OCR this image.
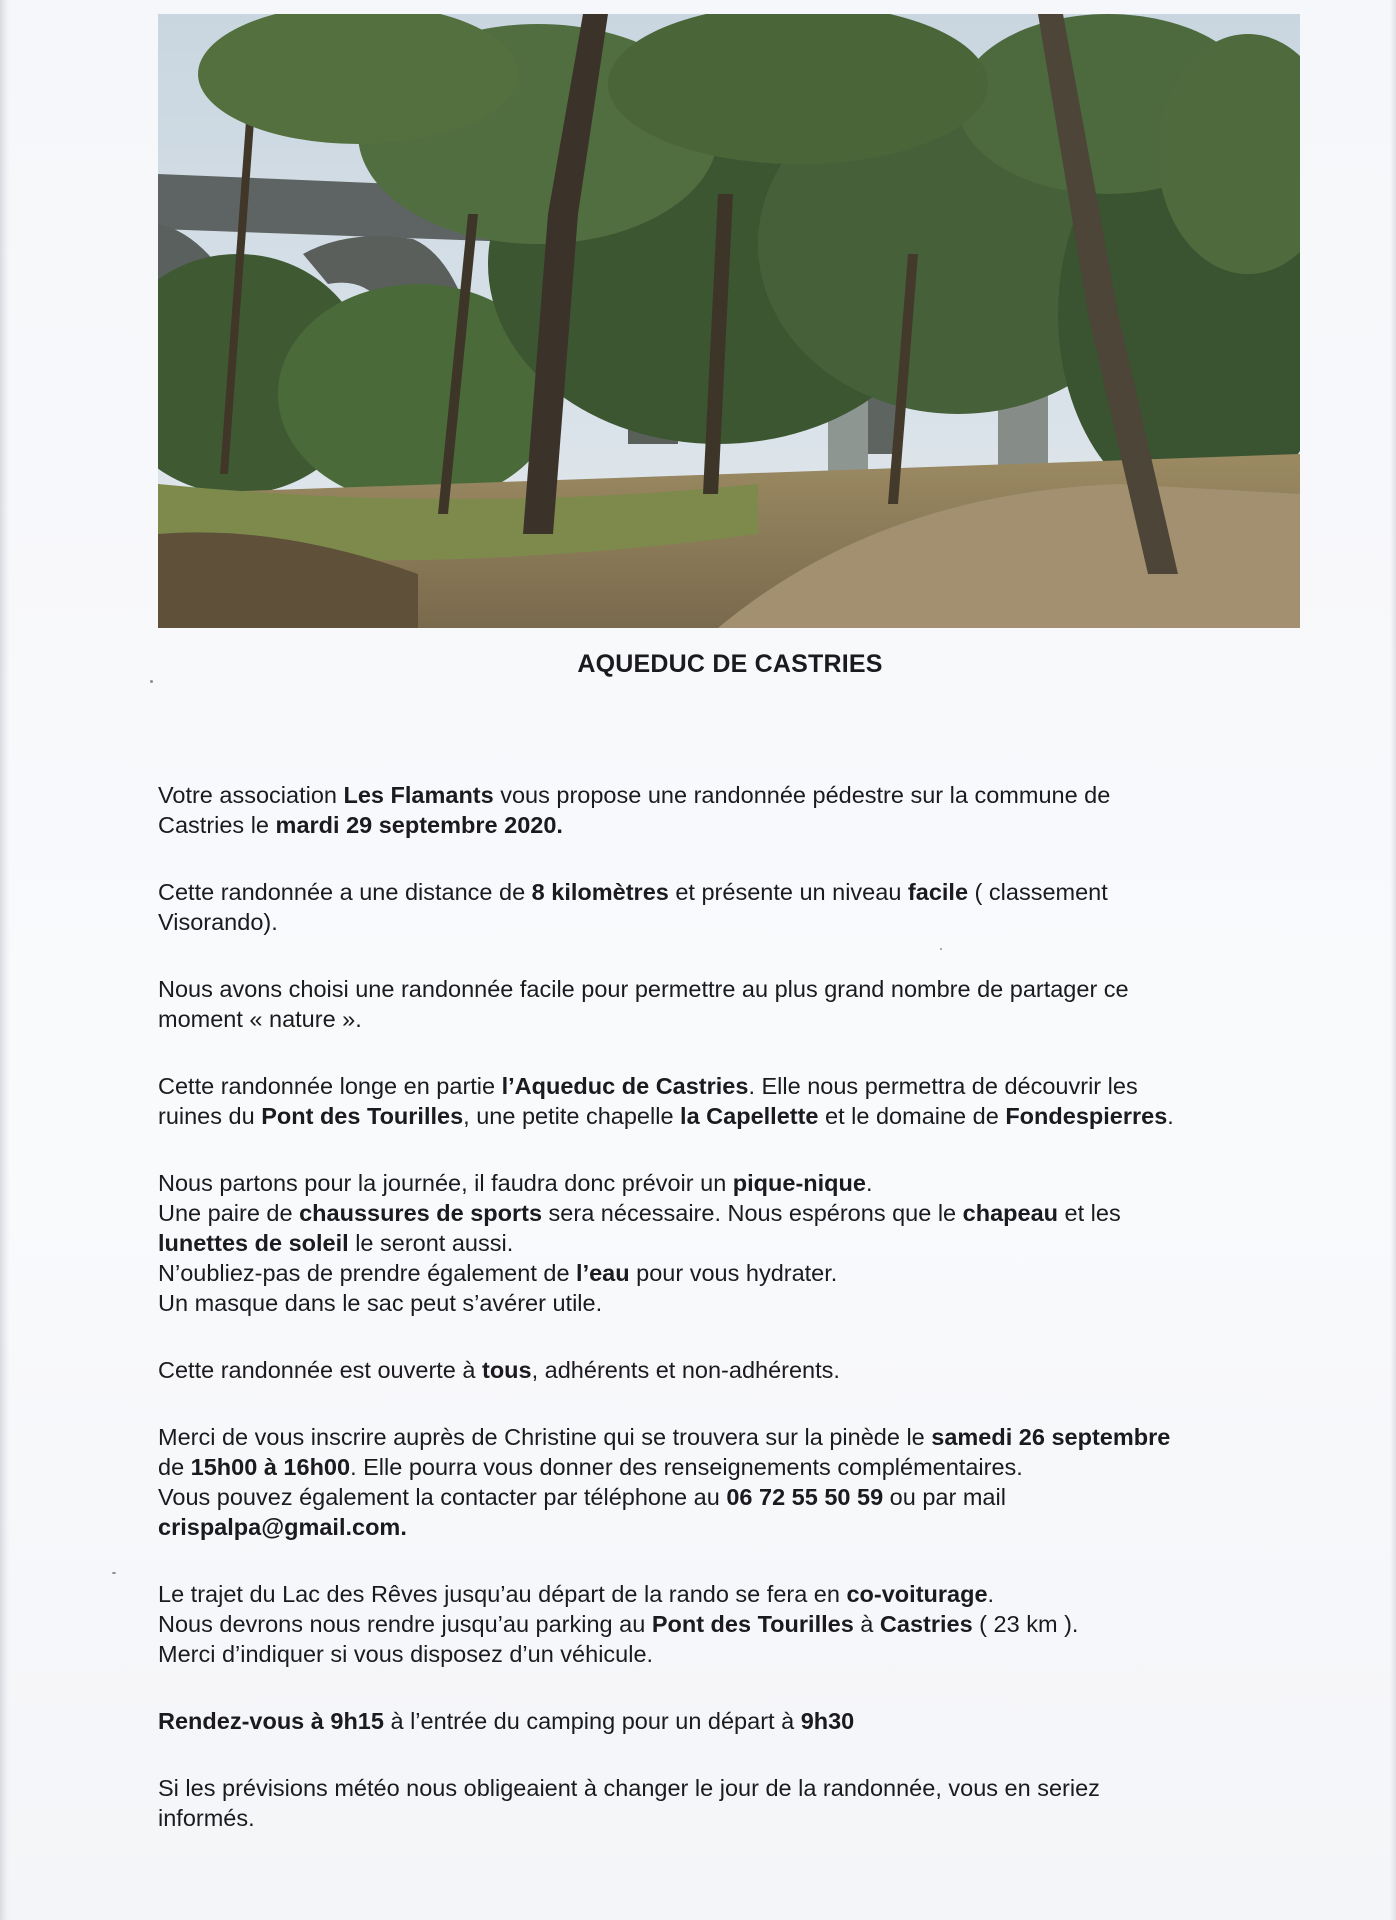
AQUEDUC DE CASTRIES
Votre association Les Flamants vous propose une randonnée pédestre sur la commune de
Castries le mardi 29 septembre 2020.
Cette randonnée a une distance de 8 kilomètres et présente un niveau facile ( classement
Visorando).
Nous avons choisi une randonnée facile pour permettre au plus grand nombre de partager ce
moment « nature ».
Cette randonnée longe en partie l’Aqueduc de Castries. Elle nous permettra de découvrir les
ruines du Pont des Tourilles, une petite chapelle la Capellette et le domaine de Fondespierres.
Nous partons pour la journée, il faudra donc prévoir un pique-nique.
Une paire de chaussures de sports sera nécessaire. Nous espérons que le chapeau et les
lunettes de soleil le seront aussi.
N’oubliez-pas de prendre également de l’eau pour vous hydrater.
Un masque dans le sac peut s’avérer utile.
Cette randonnée est ouverte à tous, adhérents et non-adhérents.
Merci de vous inscrire auprès de Christine qui se trouvera sur la pinède le samedi 26 septembre
de 15h00 à 16h00. Elle pourra vous donner des renseignements complémentaires.
Vous pouvez également la contacter par téléphone au 06 72 55 50 59 ou par mail
crispalpa@gmail.com.
Le trajet du Lac des Rêves jusqu’au départ de la rando se fera en co-voiturage.
Nous devrons nous rendre jusqu’au parking au Pont des Tourilles à Castries ( 23 km ).
Merci d’indiquer si vous disposez d’un véhicule.
Rendez-vous à 9h15 à l’entrée du camping pour un départ à 9h30
Si les prévisions météo nous obligeaient à changer le jour de la randonnée, vous en seriez
informés.
